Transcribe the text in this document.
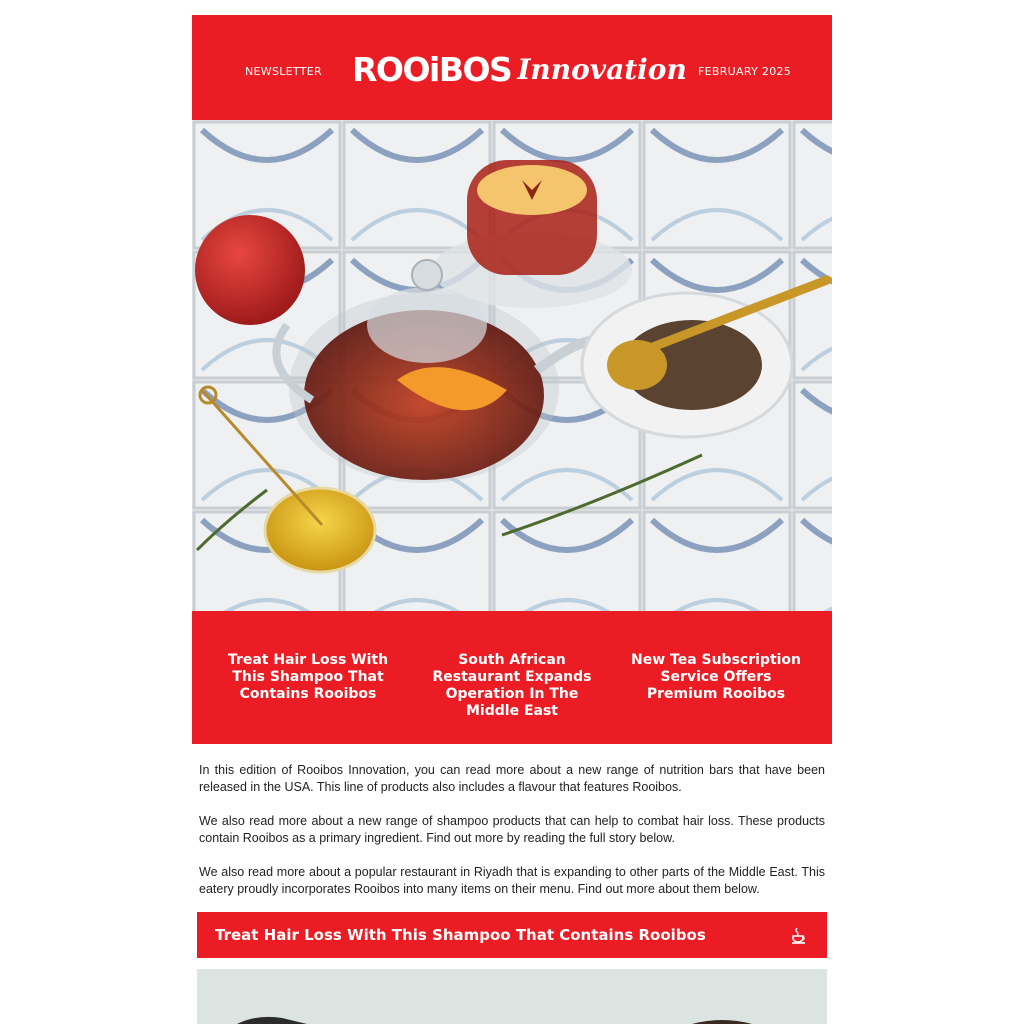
NEWSLETTER ROOiBOS Innovation FEBRUARY 2025
Treat Hair Loss With This Shampoo That Contains Rooibos
South African Restaurant Expands Operation In The Middle East
New Tea Subscription Service Offers Premium Rooibos

In this edition of Rooibos Innovation, you can read more about a new range of nutrition bars that have been released in the USA. This line of products also includes a flavour that features Rooibos.

We also read more about a new range of shampoo products that can help to combat hair loss. These products contain Rooibos as a primary ingredient. Find out more by reading the full story below.

We also read more about a popular restaurant in Riyadh that is expanding to other parts of the Middle East. This eatery proudly incorporates Rooibos into many items on their menu. Find out more about them below.

Treat Hair Loss With This Shampoo That Contains Rooibos
